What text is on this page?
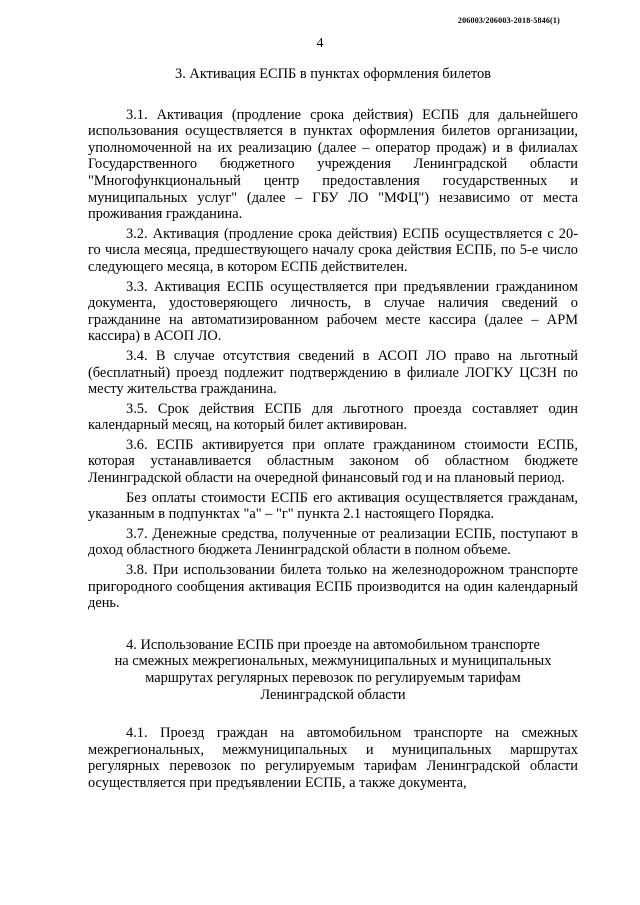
206003/206003-2018-5846(1)
4
3. Активация ЕСПБ в пунктах оформления билетов

3.1. Активация (продление срока действия) ЕСПБ для дальнейшего использования осуществляется в пунктах оформления билетов организации, уполномоченной на их реализацию (далее – оператор продаж) и в филиалах Государственного бюджетного учреждения Ленинградской области "Многофункциональный центр предоставления государственных и муниципальных услуг" (далее – ГБУ ЛО "МФЦ") независимо от места проживания гражданина.

3.2. Активация (продление срока действия) ЕСПБ осуществляется с 20-го числа месяца, предшествующего началу срока действия ЕСПБ, по 5-е число следующего месяца, в котором ЕСПБ действителен.

3.3. Активация ЕСПБ осуществляется при предъявлении гражданином документа, удостоверяющего личность, в случае наличия сведений о гражданине на автоматизированном рабочем месте кассира (далее – АРМ кассира) в АСОП ЛО.

3.4. В случае отсутствия сведений в АСОП ЛО право на льготный (бесплатный) проезд подлежит подтверждению в филиале ЛОГКУ ЦСЗН по месту жительства гражданина.

3.5. Срок действия ЕСПБ для льготного проезда составляет один календарный месяц, на который билет активирован.

3.6. ЕСПБ активируется при оплате гражданином стоимости ЕСПБ, которая устанавливается областным законом об областном бюджете Ленинградской области на очередной финансовый год и на плановый период.

Без оплаты стоимости ЕСПБ его активация осуществляется гражданам, указанным в подпунктах "а" – "г" пункта 2.1 настоящего Порядка.

3.7. Денежные средства, полученные от реализации ЕСПБ, поступают в доход областного бюджета Ленинградской области в полном объеме.

3.8. При использовании билета только на железнодорожном транспорте пригородного сообщения активация ЕСПБ производится на один календарный день.

4. Использование ЕСПБ при проезде на автомобильном транспорте
на смежных межрегиональных, межмуниципальных и муниципальных
маршрутах регулярных перевозок по регулируемым тарифам
Ленинградской области

4.1. Проезд граждан на автомобильном транспорте на смежных межрегиональных, межмуниципальных и муниципальных маршрутах регулярных перевозок по регулируемым тарифам Ленинградской области осуществляется при предъявлении ЕСПБ, а также документа,
